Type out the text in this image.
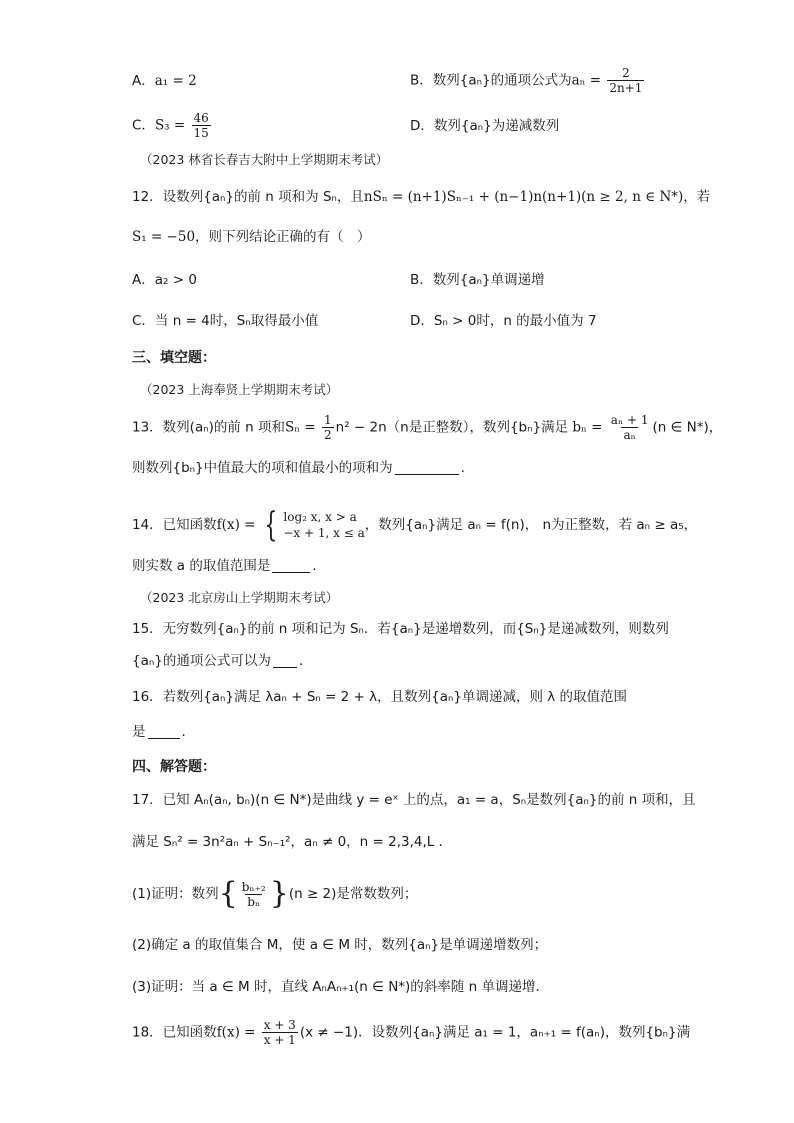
A．a₁ = 2	B．数列{aₙ}的通项公式为$a_n = \frac{2}{2n+1}$
C．$S_3 = \frac{46}{15}$	D．数列{aₙ}为递减数列
（2023 林省长春吉大附中上学期期末考试）
12．设数列{aₙ}的前 n 项和为 Sₙ，且nSₙ = (n+1)Sₙ₋₁ + (n−1)n(n+1)(n ≥ 2, n ∈ N*)，若
S₁ = −50，则下列结论正确的有（　）
A．a₂ > 0	B．数列{aₙ}单调递增
C．当 n = 4时，Sₙ取得最小值	D．Sₙ > 0时，n 的最小值为 7
三、填空题：
（2023 上海奉贤上学期期末考试）
13．数列(aₙ)的前 n 项和$S_n = \frac{1}{2} n^2 - 2n(n$是正整数），数列{bₙ}满足 $b_n = \frac{\text{aₙ + 1}}{\text{aₙ}} (n$ ∈ N*)，
则数列{bₙ}中值最大的项和值最小的项和为	.
14．已知函数f(x) = { log₂ x, x > a
−x + 1, x ≤ a ，数列{aₙ}满足 aₙ = f(n)， n为正整数，若 aₙ ≥ a₅，
则实数 a 的取值范围是	.
（2023 北京房山上学期期末考试）
15．无穷数列{aₙ}的前 n 项和记为 Sₙ．若{aₙ}是递增数列，而{Sₙ}是递减数列，则数列
{aₙ}的通项公式可以为 .
16．若数列{aₙ}满足 λaₙ + Sₙ = 2 + λ，且数列{aₙ}单调递减，则 λ 的取值范围
是	.
四、解答题：
17．已知 Aₙ(aₙ, bₙ)(n ∈ N*)是曲线 y = eˣ 上的点，a₁ = a，Sₙ是数列{aₙ}的前 n 项和，且
满足 Sₙ² = 3n²aₙ + Sₙ₋₁²，aₙ ≠ 0，n = 2,3,4,L ．
(1)证明：数列{ $\frac{\text{bₙ₊₂}}{\text{bₙ}} \}(n \ge 2)$是常数数列；
(2)确定 a 的取值集合 M，使 a ∈ M 时，数列{aₙ}是单调递增数列；
(3)证明：当 a ∈ M 时，直线 AₙAₙ₊₁(n ∈ N*)的斜率随 n 单调递增．
18．已知函数$f(x) = \frac{x + 3}{x + 1} (x \ne -1)$．设数列{aₙ}满足 a₁ = 1，aₙ₊₁ = f(aₙ)，数列{bₙ}满
